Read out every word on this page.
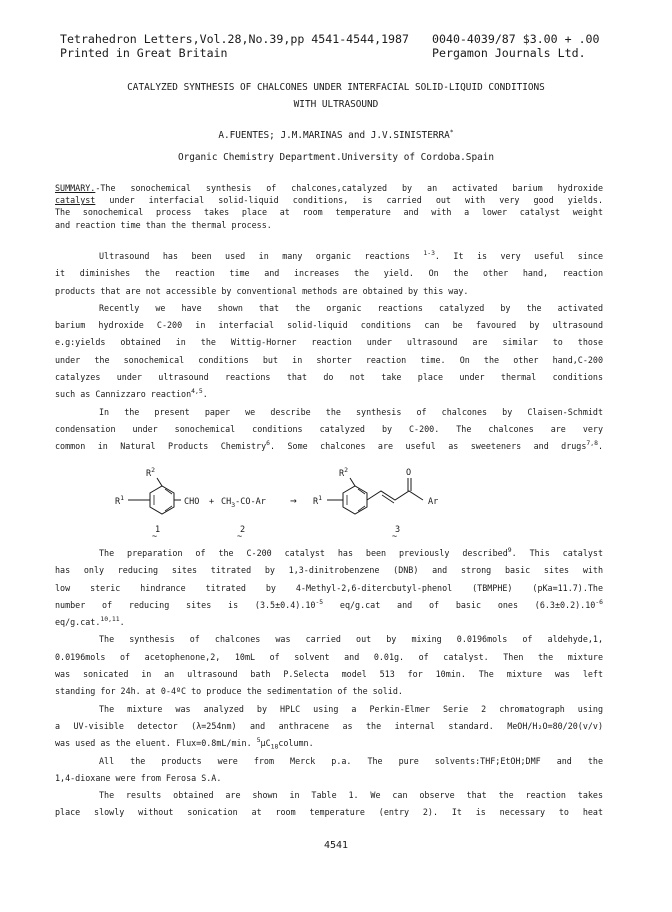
Tetrahedron Letters,Vol.28,No.39,pp 4541-4544,1987
Printed in Great Britain
0040-4039/87 $3.00 + .00
Pergamon Journals Ltd.
CATALYZED SYNTHESIS OF CHALCONES UNDER INTERFACIAL SOLID-LIQUID CONDITIONS
WITH ULTRASOUND
A.FUENTES; J.M.MARINAS and J.V.SINISTERRA*
Organic Chemistry Department.University of Cordoba.Spain

SUMMARY.-The sonochemical synthesis of chalcones,catalyzed by an activated barium hydroxide

catalyst under interfacial solid-liquid conditions, is carried out with very good yields.

The sonochemical process takes place at room temperature and with a lower catalyst weight

and reaction time than the thermal process.

Ultrasound has been used in many organic reactions $^{1-3}$. It is very useful since

it diminishes the reaction time and increases the yield. On the other hand, reaction

products that are not accessible by conventional methods are obtained by this way.

Recently we have shown that the organic reactions catalyzed by the activated

barium hydroxide C-200 in interfacial solid-liquid conditions can be favoured by ultrasound

e.g:yields obtained in the Wittig-Horner reaction under ultrasound are similar to those

under the sonochemical conditions but in shorter reaction time. On the other hand,C-200

catalyzes under ultrasound reactions that do not take place under thermal conditions

such as Cannizzaro reaction$^{4,5}$.

In the present paper we describe the synthesis of chalcones by Claisen-Schmidt

condensation under sonochemical conditions catalyzed by C-200. The chalcones are very

common in Natural Products Chemistry$^6$. Some chalcones are useful as sweeteners and drugs$^{7,8}$.

$R^2$
$R^1$	CHO + $CH_3-CO-Ar \to R^1$
$R^2$	O
Ar
1
~
2
~
3
~

The preparation of the C-200 catalyst has been previously described$^9$. This catalyst

has only reducing sites titrated by 1,3-dinitrobenzene (DNB) and strong basic sites with

low steric hindrance titrated by 4-Methyl-2,6-ditercbutyl-phenol (TBMPHE) (pKa=11.7).The

number of reducing sites is $(3.5\pm 0.4).10^{-5}$ eq/g.cat and of basic ones $(6.3\pm 0.2).10^{-6}$

eq/g.cat.$^{10,11}$.

The synthesis of chalcones was carried out by mixing 0.0196mols of aldehyde,1,

0.0196mols of acetophenone,2, 10mL of solvent and 0.01g. of catalyst. Then the mixture

was sonicated in an ultrasound bath P.Selecta model 513 for 10min. The mixture was left

standing for 24h. at 0-4ºC to produce the sedimentation of the solid.

The mixture was analyzed by HPLC using a Perkin-Elmer Serie 2 chromatograph using

a UV-visible detector (λ=254nm) and anthracene as the internal standard. MeOH/H₂O=80/20(v/v)

was used as the eluent. Flux=0.8mL/min. $^5\mu C_{18}column$.

All the products were from Merck p.a. The pure solvents:THF;EtOH;DMF and the

1,4-dioxane were from Ferosa S.A.

The results obtained are shown in Table 1. We can observe that the reaction takes

place slowly without sonication at room temperature (entry 2). It is necessary to heat

4541
